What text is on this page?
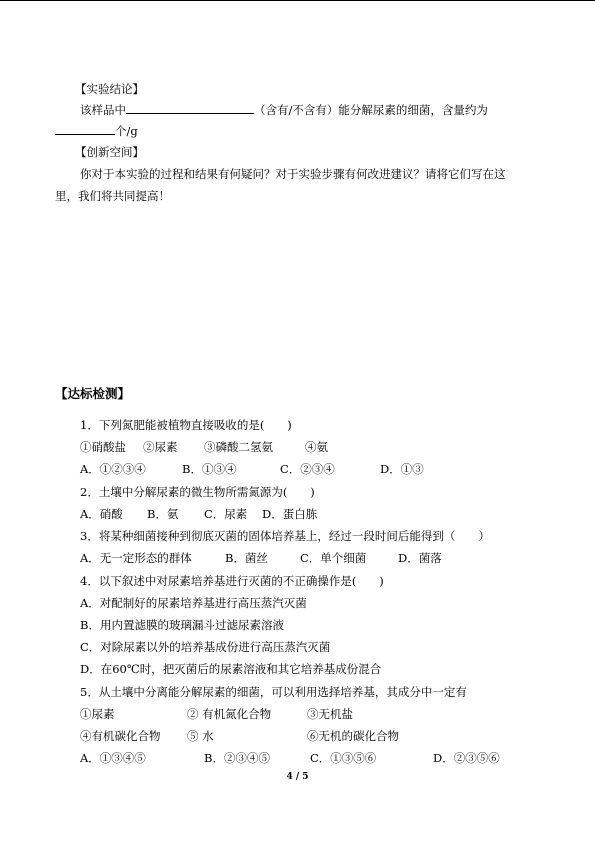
【实验结论】
该样品中	（含有/不含有）能分解尿素的细菌，含量约为
个/g
【创新空间】
你对于本实验的过程和结果有何疑问？对于实验步骤有何改进建议？请将它们写在这
里，我们将共同提高！
【达标检测】
1．下列氮肥能被植物直接吸收的是(　　)
①硝酸盐 ②尿素 ③磷酸二氢氨	④氨
A．①②③④	B．①③④	C．②③④	D．①③
2．土壤中分解尿素的微生物所需氮源为(　　)
A．硝酸 B．氨 C．尿素 D．蛋白胨
3．将某种细菌接种到彻底灭菌的固体培养基上，经过一段时间后能得到（　　）
A．无一定形态的群体	B．菌丝	C．单个细菌	D．菌落
4．以下叙述中对尿素培养基进行灭菌的不正确操作是(　　)
A．对配制好的尿素培养基进行高压蒸汽灭菌
B．用内置滤膜的玻璃漏斗过滤尿素溶液
C．对除尿素以外的培养基成份进行高压蒸汽灭菌
D．在60℃时，把灭菌后的尿素溶液和其它培养基成份混合
5．从土壤中分离能分解尿素的细菌，可以利用选择培养基，其成分中一定有
①尿素	② 有机氮化合物	③无机盐
④有机碳化合物 ⑤ 水	⑥无机的碳化合物
A．①③④⑤	B．②③④⑤	C．①③⑤⑥	D．②③⑤⑥
4 / 5
